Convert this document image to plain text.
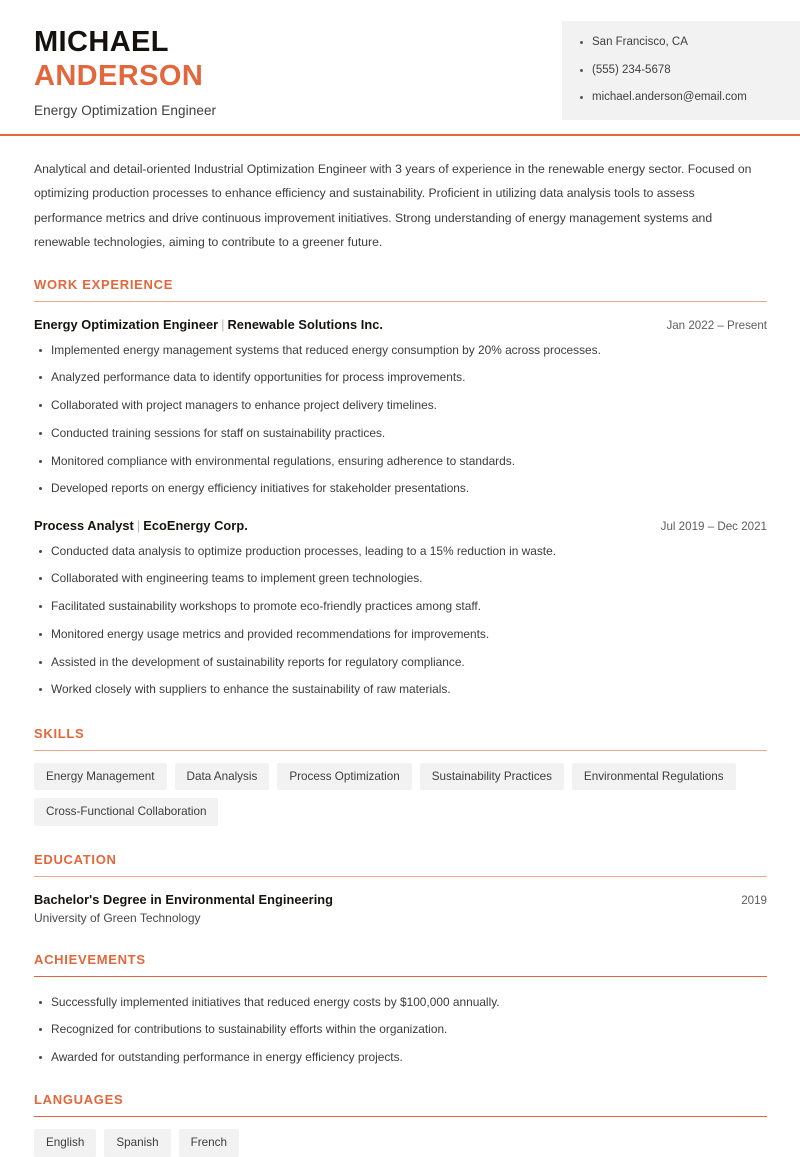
MICHAEL
ANDERSON
Energy Optimization Engineer
San Francisco, CA
(555) 234-5678
michael.anderson@email.com
Analytical and detail-oriented Industrial Optimization Engineer with 3 years of experience in the renewable energy sector. Focused on optimizing production processes to enhance efficiency and sustainability. Proficient in utilizing data analysis tools to assess performance metrics and drive continuous improvement initiatives. Strong understanding of energy management systems and renewable technologies, aiming to contribute to a greener future.
WORK EXPERIENCE
Energy Optimization Engineer | Renewable Solutions Inc.	Jan 2022 – Present
Implemented energy management systems that reduced energy consumption by 20% across processes.
Analyzed performance data to identify opportunities for process improvements.
Collaborated with project managers to enhance project delivery timelines.
Conducted training sessions for staff on sustainability practices.
Monitored compliance with environmental regulations, ensuring adherence to standards.
Developed reports on energy efficiency initiatives for stakeholder presentations.
Process Analyst | EcoEnergy Corp.	Jul 2019 – Dec 2021
Conducted data analysis to optimize production processes, leading to a 15% reduction in waste.
Collaborated with engineering teams to implement green technologies.
Facilitated sustainability workshops to promote eco-friendly practices among staff.
Monitored energy usage metrics and provided recommendations for improvements.
Assisted in the development of sustainability reports for regulatory compliance.
Worked closely with suppliers to enhance the sustainability of raw materials.
SKILLS
Energy Management	Data Analysis	Process Optimization	Sustainability Practices	Environmental Regulations
Cross-Functional Collaboration
EDUCATION
Bachelor's Degree in Environmental Engineering	2019
University of Green Technology
ACHIEVEMENTS
Successfully implemented initiatives that reduced energy costs by $100,000 annually.
Recognized for contributions to sustainability efforts within the organization.
Awarded for outstanding performance in energy efficiency projects.
LANGUAGES
English	Spanish	French
